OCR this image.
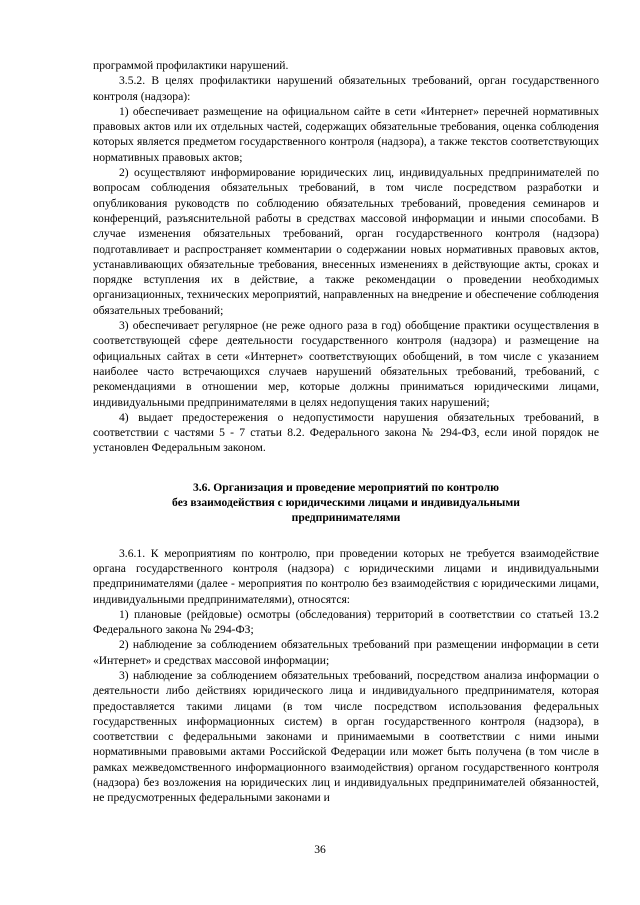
программой профилактики нарушений.

3.5.2. В целях профилактики нарушений обязательных требований, орган государственного контроля (надзора):

1) обеспечивает размещение на официальном сайте в сети «Интернет» перечней нормативных правовых актов или их отдельных частей, содержащих обязательные требования, оценка соблюдения которых является предметом государственного контроля (надзора), а также текстов соответствующих нормативных правовых актов;

2) осуществляют информирование юридических лиц, индивидуальных предпринимателей по вопросам соблюдения обязательных требований, в том числе посредством разработки и опубликования руководств по соблюдению обязательных требований, проведения семинаров и конференций, разъяснительной работы в средствах массовой информации и иными способами. В случае изменения обязательных требований, орган государственного контроля (надзора) подготавливает и распространяет комментарии о содержании новых нормативных правовых актов, устанавливающих обязательные требования, внесенных изменениях в действующие акты, сроках и порядке вступления их в действие, а также рекомендации о проведении необходимых организационных, технических мероприятий, направленных на внедрение и обеспечение соблюдения обязательных требований;

3) обеспечивает регулярное (не реже одного раза в год) обобщение практики осуществления в соответствующей сфере деятельности государственного контроля (надзора) и размещение на официальных сайтах в сети «Интернет» соответствующих обобщений, в том числе с указанием наиболее часто встречающихся случаев нарушений обязательных требований, требований, с рекомендациями в отношении мер, которые должны приниматься юридическими лицами, индивидуальными предпринимателями в целях недопущения таких нарушений;

4) выдает предостережения о недопустимости нарушения обязательных требований, в соответствии с частями 5 - 7 статьи 8.2. Федерального закона № 294-ФЗ, если иной порядок не установлен Федеральным законом.

3.6. Организация и проведение мероприятий по контролю
без взаимодействия с юридическими лицами и индивидуальными
предпринимателями

3.6.1. К мероприятиям по контролю, при проведении которых не требуется взаимодействие органа государственного контроля (надзора) с юридическими лицами и индивидуальными предпринимателями (далее - мероприятия по контролю без взаимодействия с юридическими лицами, индивидуальными предпринимателями), относятся:

1) плановые (рейдовые) осмотры (обследования) территорий в соответствии со статьей 13.2 Федерального закона № 294-ФЗ;

2) наблюдение за соблюдением обязательных требований при размещении информации в сети «Интернет» и средствах массовой информации;

3) наблюдение за соблюдением обязательных требований, посредством анализа информации о деятельности либо действиях юридического лица и индивидуального предпринимателя, которая предоставляется такими лицами (в том числе посредством использования федеральных государственных информационных систем) в орган государственного контроля (надзора), в соответствии с федеральными законами и принимаемыми в соответствии с ними иными нормативными правовыми актами Российской Федерации или может быть получена (в том числе в рамках межведомственного информационного взаимодействия) органом государственного контроля (надзора) без возложения на юридических лиц и индивидуальных предпринимателей обязанностей, не предусмотренных федеральными законами и

36
